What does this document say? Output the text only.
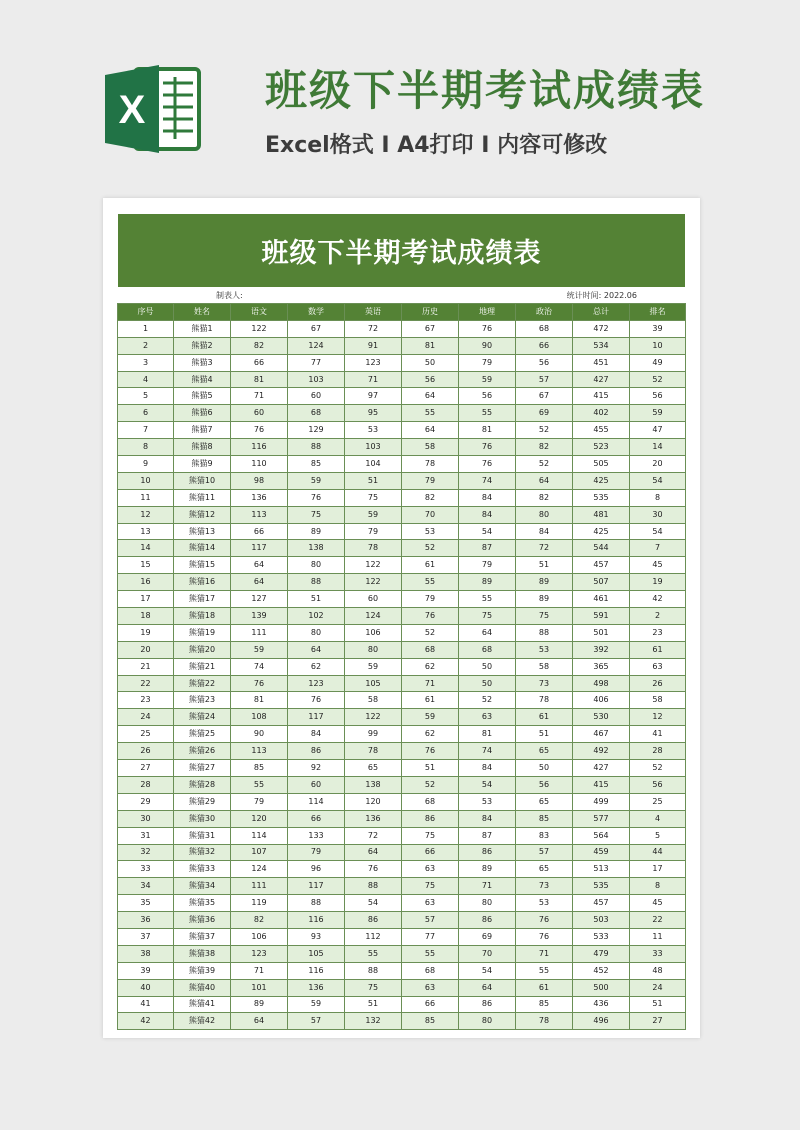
X	班级下半期考试成绩表
Excel格式 Ⅰ A4打印 Ⅰ 内容可修改
班级下半期考试成绩表
制表人:	统计时间: 2022.06
序号	姓名	语文	数学	英语	历史	地理	政治	总计	排名
1	熊猫1	122	67	72	67	76	68	472	39
2	熊猫2	82	124	91	81	90	66	534	10
3	熊猫3	66	77	123	50	79	56	451	49
4	熊猫4	81	103	71	56	59	57	427	52
5	熊猫5	71	60	97	64	56	67	415	56
6	熊猫6	60	68	95	55	55	69	402	59
7	熊猫7	76	129	53	64	81	52	455	47
8	熊猫8	116	88	103	58	76	82	523	14
9	熊猫9	110	85	104	78	76	52	505	20
10	熊猫10	98	59	51	79	74	64	425	54
11	熊猫11	136	76	75	82	84	82	535	8
12	熊猫12	113	75	59	70	84	80	481	30
13	熊猫13	66	89	79	53	54	84	425	54
14	熊猫14	117	138	78	52	87	72	544	7
15	熊猫15	64	80	122	61	79	51	457	45
16	熊猫16	64	88	122	55	89	89	507	19
17	熊猫17	127	51	60	79	55	89	461	42
18	熊猫18	139	102	124	76	75	75	591	2
19	熊猫19	111	80	106	52	64	88	501	23
20	熊猫20	59	64	80	68	68	53	392	61
21	熊猫21	74	62	59	62	50	58	365	63
22	熊猫22	76	123	105	71	50	73	498	26
23	熊猫23	81	76	58	61	52	78	406	58
24	熊猫24	108	117	122	59	63	61	530	12
25	熊猫25	90	84	99	62	81	51	467	41
26	熊猫26	113	86	78	76	74	65	492	28
27	熊猫27	85	92	65	51	84	50	427	52
28	熊猫28	55	60	138	52	54	56	415	56
29	熊猫29	79	114	120	68	53	65	499	25
30	熊猫30	120	66	136	86	84	85	577	4
31	熊猫31	114	133	72	75	87	83	564	5
32	熊猫32	107	79	64	66	86	57	459	44
33	熊猫33	124	96	76	63	89	65	513	17
34	熊猫34	111	117	88	75	71	73	535	8
35	熊猫35	119	88	54	63	80	53	457	45
36	熊猫36	82	116	86	57	86	76	503	22
37	熊猫37	106	93	112	77	69	76	533	11
38	熊猫38	123	105	55	55	70	71	479	33
39	熊猫39	71	116	88	68	54	55	452	48
40	熊猫40	101	136	75	63	64	61	500	24
41	熊猫41	89	59	51	66	86	85	436	51
42	熊猫42	64	57	132	85	80	78	496	27
